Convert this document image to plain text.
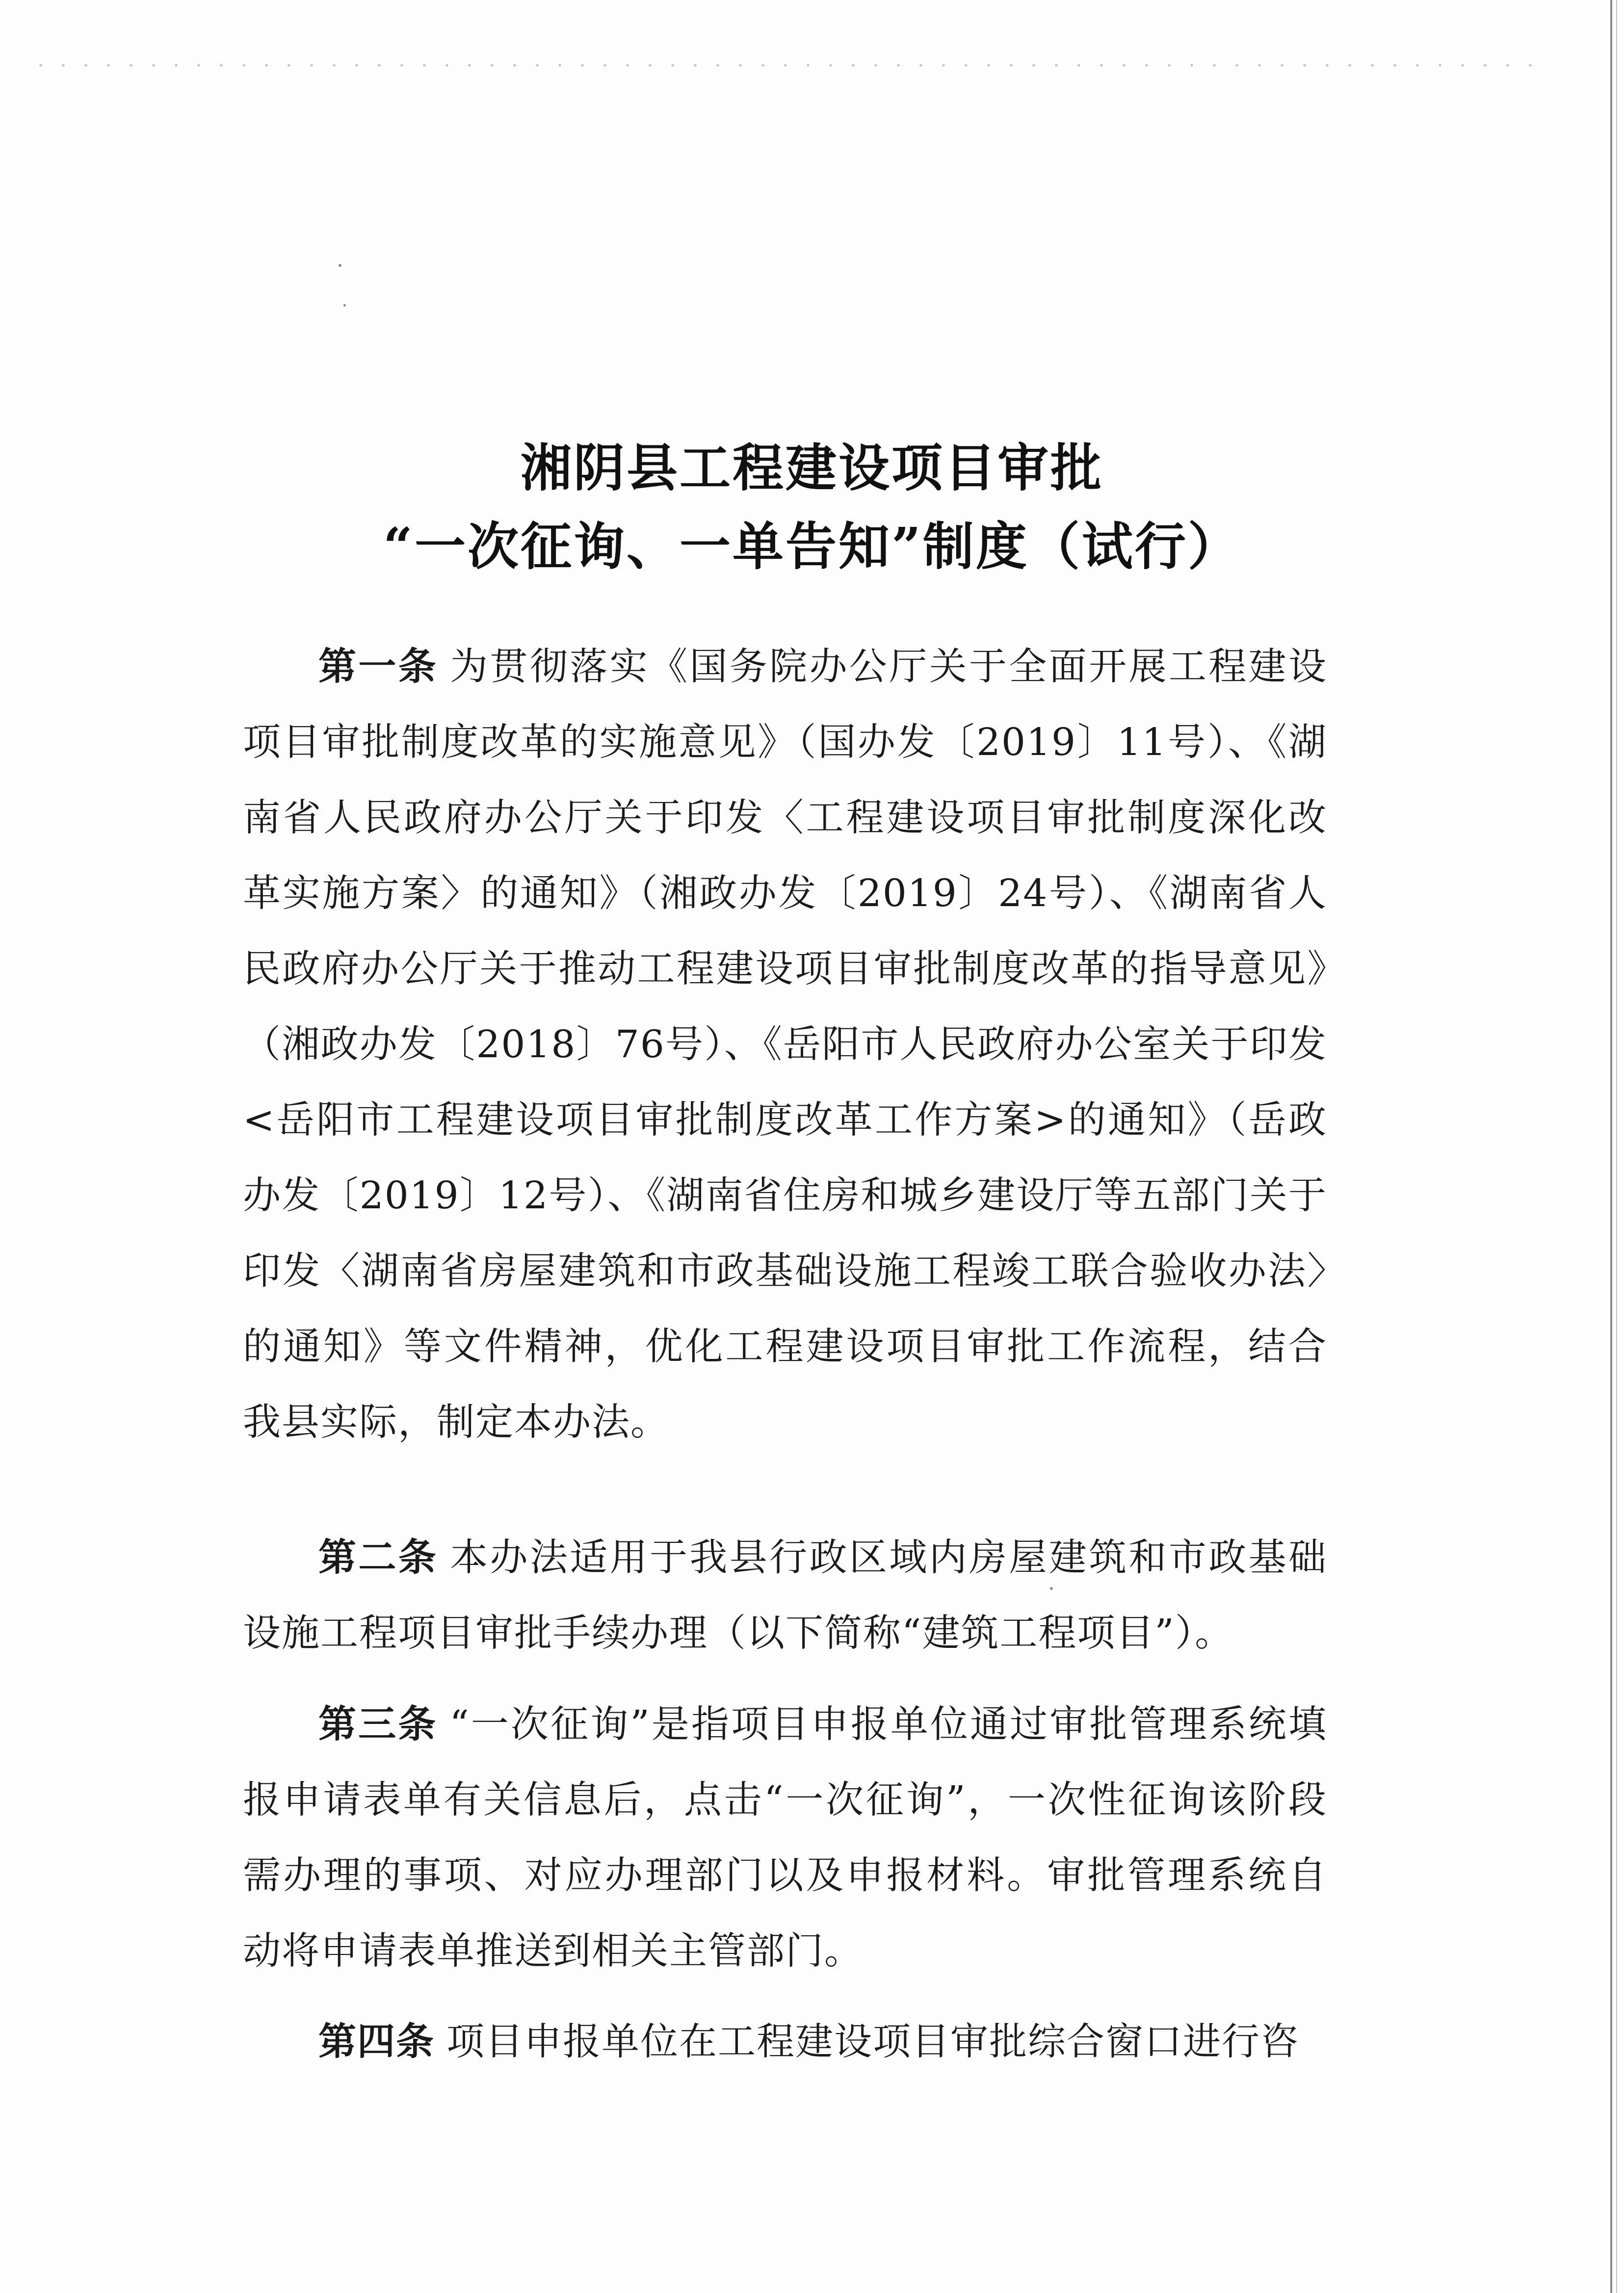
湘阴县工程建设项目审批
“一次征询、一单告知”制度（试行）

第一条 为贯彻落实《国务院办公厅关于全面开展工程建设项目审批制度改革的实施意见》（国办发〔2019〕11号）、《湖南省人民政府办公厅关于印发〈工程建设项目审批制度深化改革实施方案〉的通知》（湘政办发〔2019〕24号）、《湖南省人民政府办公厅关于推动工程建设项目审批制度改革的指导意见》（湘政办发〔2018〕76号）、《岳阳市人民政府办公室关于印发<岳阳市工程建设项目审批制度改革工作方案>的通知》（岳政办发〔2019〕12号）、《湖南省住房和城乡建设厅等五部门关于印发〈湖南省房屋建筑和市政基础设施工程竣工联合验收办法〉的通知》等文件精神，优化工程建设项目审批工作流程，结合我县实际，制定本办法。

第二条 本办法适用于我县行政区域内房屋建筑和市政基础设施工程项目审批手续办理（以下简称“建筑工程项目”）。

第三条 “一次征询”是指项目申报单位通过审批管理系统填报申请表单有关信息后，点击“一次征询”，一次性征询该阶段需办理的事项、对应办理部门以及申报材料。审批管理系统自动将申请表单推送到相关主管部门。

第四条 项目申报单位在工程建设项目审批综合窗口进行咨
